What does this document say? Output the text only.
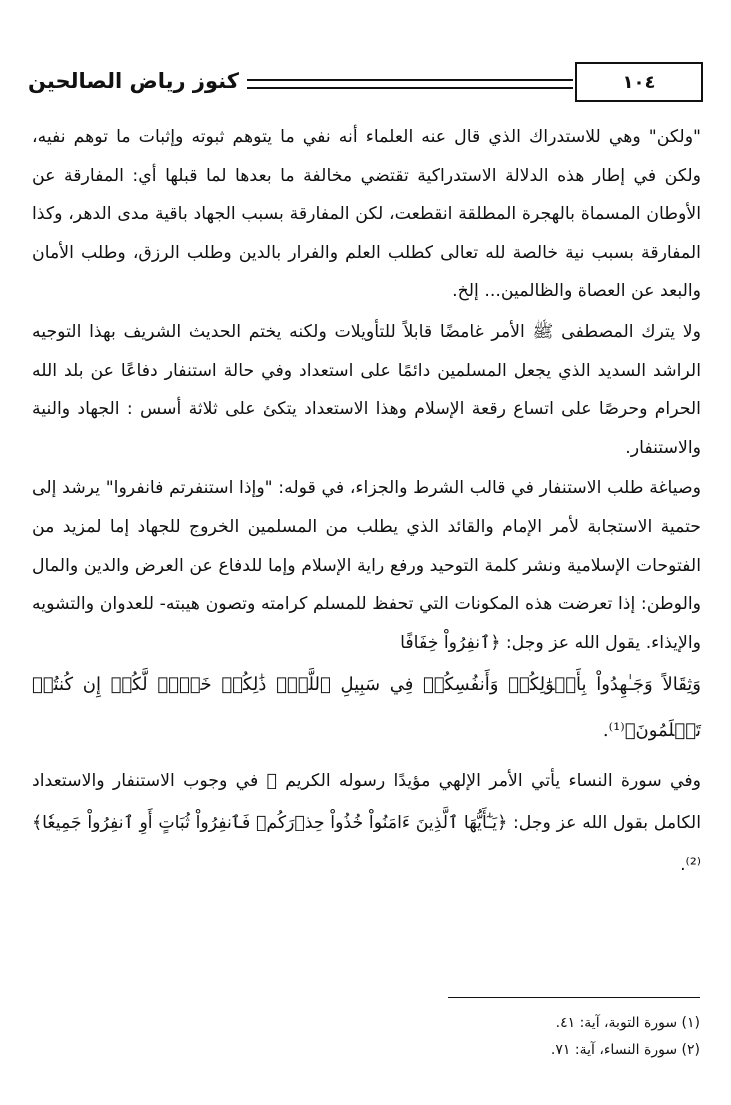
١٠٤
كنوز رياض الصالحين

"ولكن" وهي للاستدراك الذي قال عنه العلماء أنه نفي ما يتوهم ثبوته وإثبات ما توهم نفيه، ولكن في إطار هذه الدلالة الاستدراكية تقتضي مخالفة ما بعدها لما قبلها أي: المفارقة عن الأوطان المسماة بالهجرة المطلقة انقطعت، لكن المفارقة بسبب الجهاد باقية مدى الدهر، وكذا المفارقة بسبب نية خالصة لله تعالى كطلب العلم والفرار بالدين وطلب الرزق، وطلب الأمان والبعد عن العصاة والظالمين... إلخ.

ولا يترك المصطفى ﷺ الأمر غامضًا قابلاً للتأويلات ولكنه يختم الحديث الشريف بهذا التوجيه الراشد السديد الذي يجعل المسلمين دائمًا على استعداد وفي حالة استنفار دفاعًا عن بلد الله الحرام وحرصًا على اتساع رقعة الإسلام وهذا الاستعداد يتكئ على ثلاثة أسس : الجهاد والنية والاستنفار.

وصياغة طلب الاستنفار في قالب الشرط والجزاء، في قوله: "وإذا استنفرتم فانفروا" يرشد إلى حتمية الاستجابة لأمر الإمام والقائد الذي يطلب من المسلمين الخروج للجهاد إما لمزيد من الفتوحات الإسلامية ونشر كلمة التوحيد ورفع راية الإسلام وإما للدفاع عن العرض والدين والمال والوطن: إذا تعرضت هذه المكونات التي تحفظ للمسلم كرامته وتصون هيبته- للعدوان والتشويه والإيذاء. يقول الله عز وجل: ﴿ٱنفِرُواْ خِفَافًا

وَثِقَالاً وَجَـٰهِدُواْ بِأَمۡوَٰلِكُمۡ وَأَنفُسِكُمۡ فِي سَبِيلِ ٱللَّهِۚ ذَٰلِكُمۡ خَيۡرٞ لَّكُمۡ إِن كُنتُمۡ تَعۡلَمُونَ﴾⁽¹⁾.

وفي سورة النساء يأتي الأمر الإلهي مؤيدًا رسوله الكريم ﷺ في وجوب الاستنفار والاستعداد الكامل بقول الله عز وجل: ﴿يَـٰٓأَيُّهَا ٱلَّذِينَ ءَامَنُواْ خُذُواْ حِذۡرَكُمۡ فَٱنفِرُواْ ثُبَاتٍ أَوِ ٱنفِرُواْ جَمِيعٗا﴾⁽²⁾.

(١) سورة التوبة، آية: ٤١.

(٢) سورة النساء، آية: ٧١.
